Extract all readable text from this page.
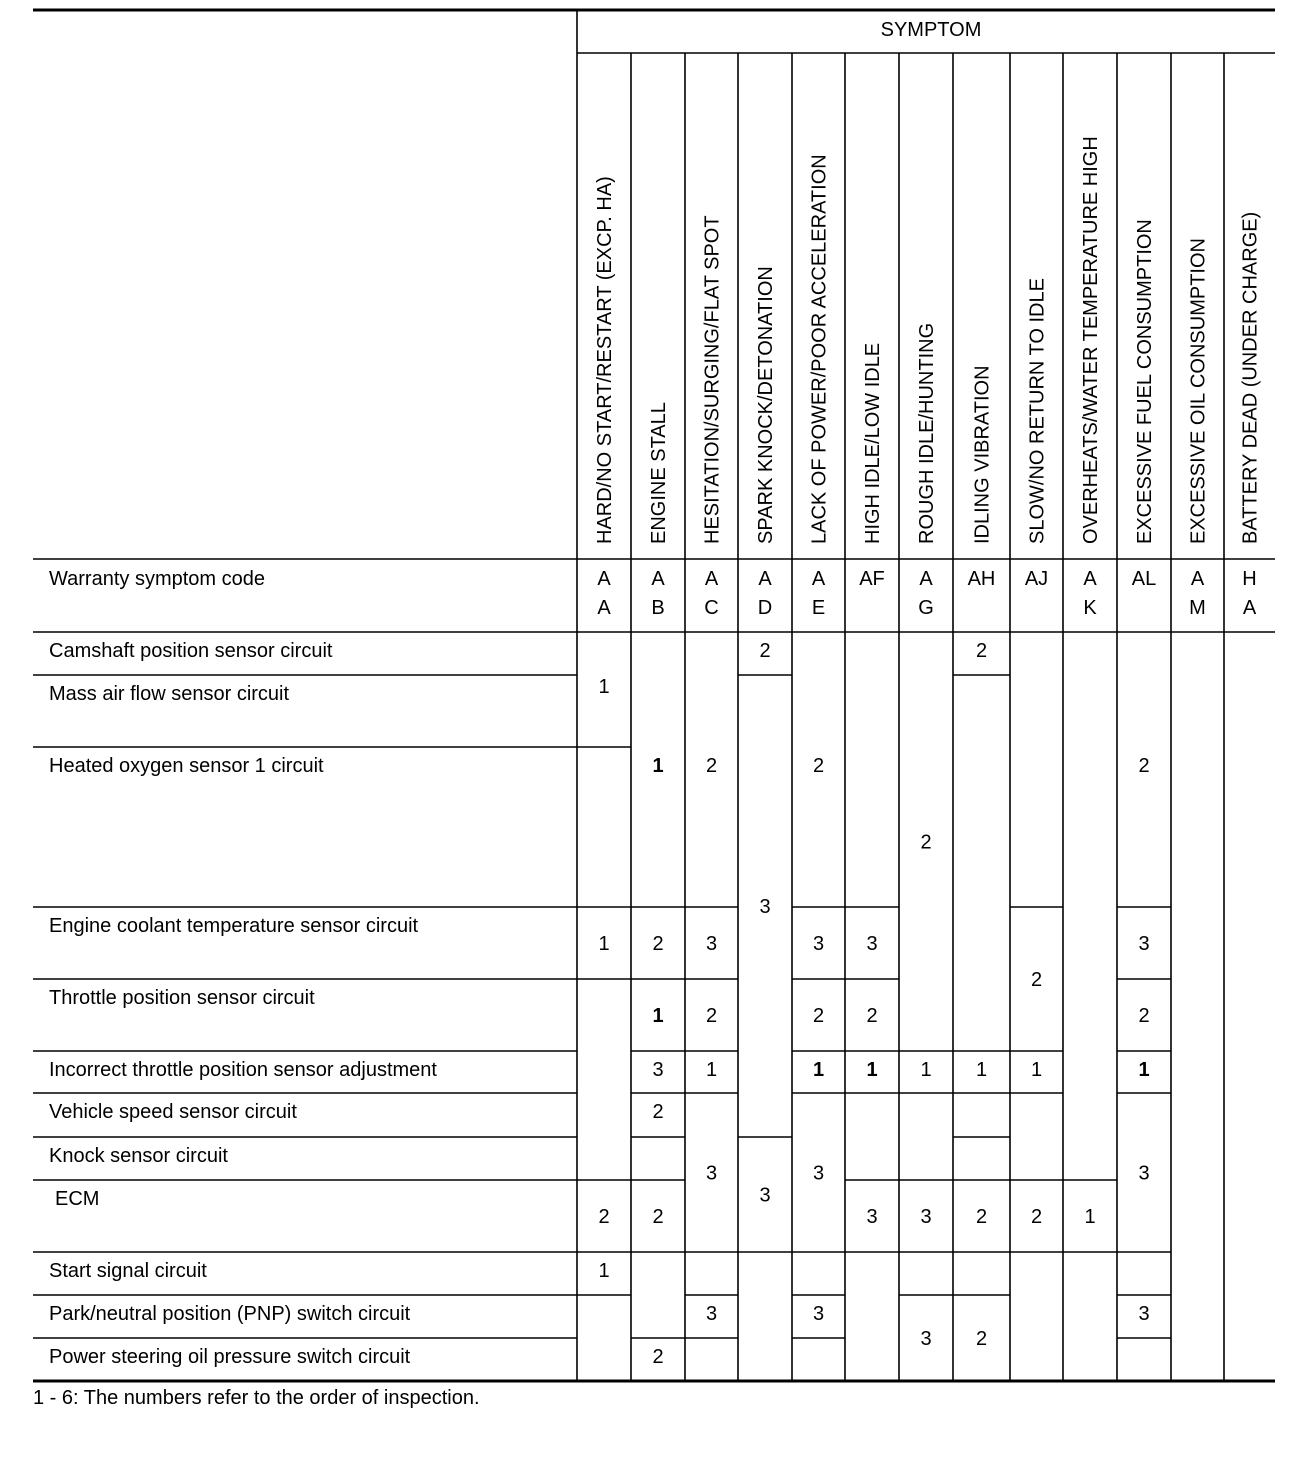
SYMPTOM
HARD/NO START/RESTART (EXCP. HA) ENGINE STALL HESITATION/SURGING/FLAT SPOT SPARK KNOCK/DETONATION LACK OF POWER/POOR ACCELERATION HIGH IDLE/LOW IDLE ROUGH IDLE/HUNTING IDLING VIBRATION SLOW/NO RETURN TO IDLE OVERHEATS/WATER TEMPERATURE HIGH EXCESSIVE FUEL CONSUMPTION EXCESSIVE OIL CONSUMPTION BATTERY DEAD (UNDER CHARGE)
Warranty symptom code	A
A
A
B
A
C
A
D
A
E
AF A
G
AH AJ A
K
AL A
M
H
A
Camshaft position sensor circuit
Mass air flow sensor circuit
Heated oxygen sensor 1 circuit
Engine coolant temperature sensor circuit
Throttle position sensor circuit
Incorrect throttle position sensor adjustment
Vehicle speed sensor circuit
Knock sensor circuit
ECM
Start signal circuit
Park/neutral position (PNP) switch circuit
Power steering oil pressure switch circuit
1
1
2
1
1
2
1
3
2
2
2
2
3
2
1
3
3
2
3
3
2
3
2
1
3
3
3
2
1
3
2
1
3
3
2
1
2
2
2
1
2 1
2
3
2
1
3
3
1 - 6: The numbers refer to the order of inspection.
